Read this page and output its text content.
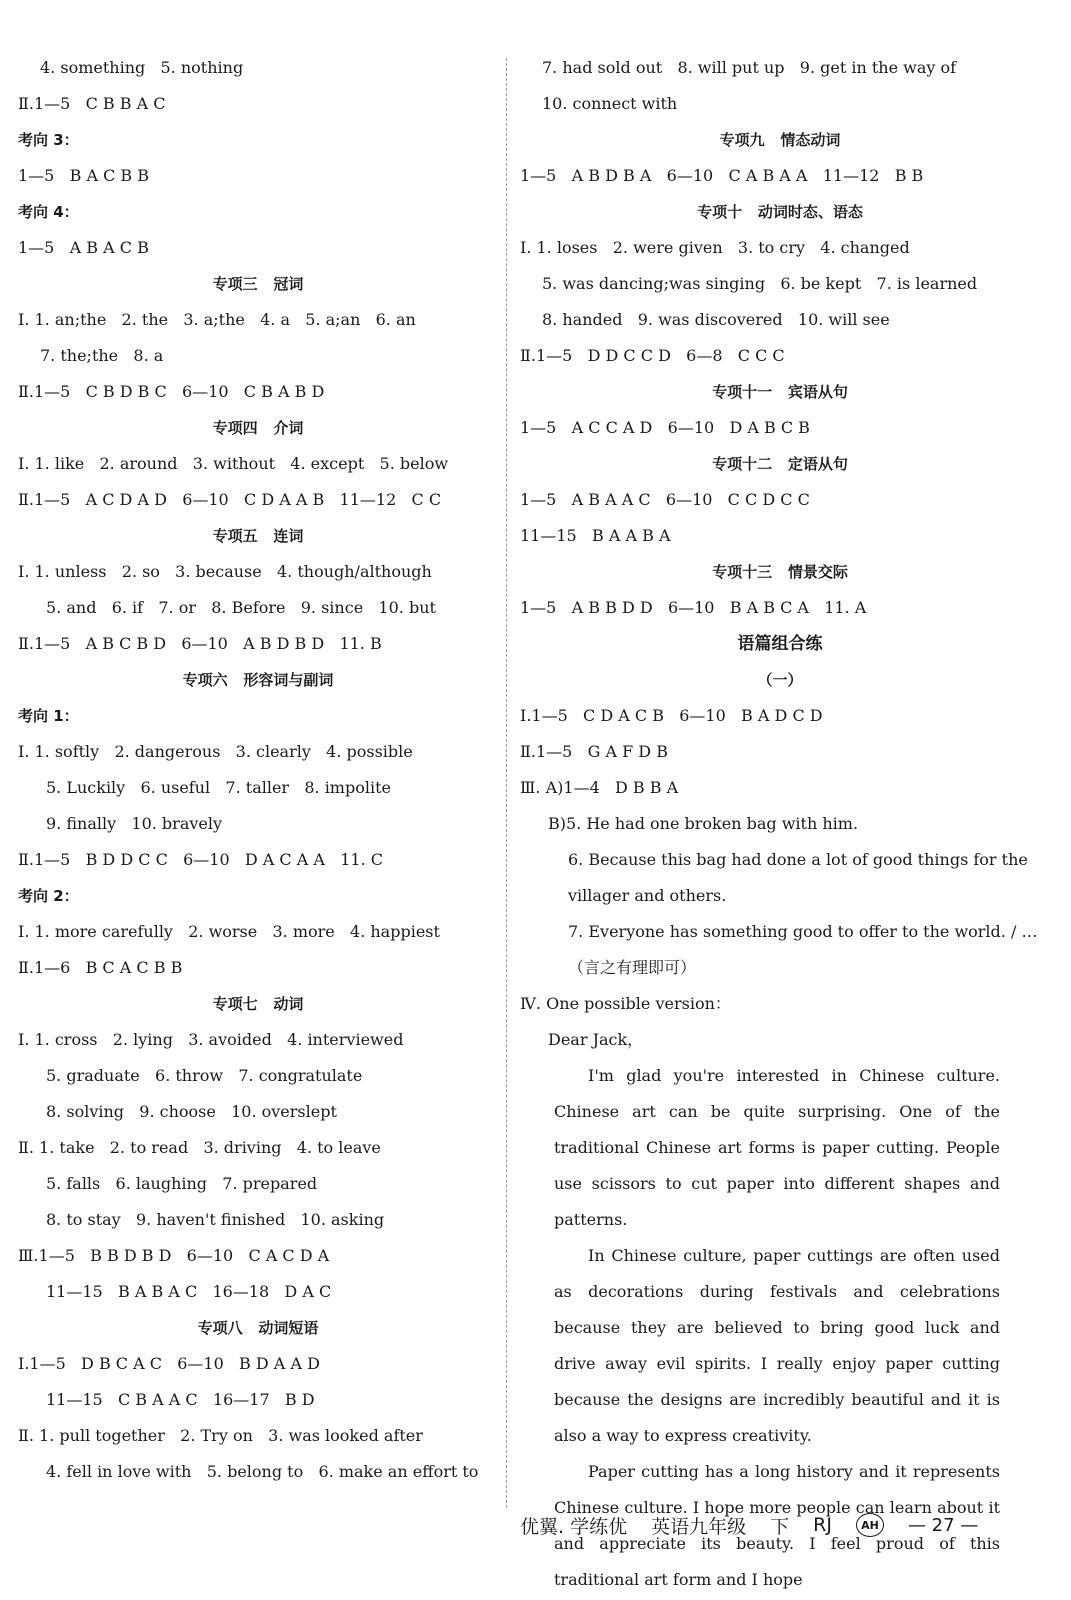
4. something   5. nothing
Ⅱ.1—5   C B B A C
考向 3：
1—5   B A C B B
考向 4：
1—5   A B A C B
专项三   冠词
Ⅰ. 1. an;the   2. the   3. a;the   4. a   5. a;an   6. an
7. the;the   8. a
Ⅱ.1—5   C B D B C   6—10   C B A B D
专项四   介词
Ⅰ. 1. like   2. around   3. without   4. except   5. below
Ⅱ.1—5   A C D A D   6—10   C D A A B   11—12   C C
专项五   连词
Ⅰ. 1. unless   2. so   3. because   4. though/although
5. and   6. if   7. or   8. Before   9. since   10. but
Ⅱ.1—5   A B C B D   6—10   A B D B D   11. B
专项六   形容词与副词
考向 1：
Ⅰ. 1. softly   2. dangerous   3. clearly   4. possible
5. Luckily   6. useful   7. taller   8. impolite
9. finally   10. bravely
Ⅱ.1—5   B D D C C   6—10   D A C A A   11. C
考向 2：
Ⅰ. 1. more carefully   2. worse   3. more   4. happiest
Ⅱ.1—6   B C A C B B
专项七   动词
Ⅰ. 1. cross   2. lying   3. avoided   4. interviewed
5. graduate   6. throw   7. congratulate
8. solving   9. choose   10. overslept
Ⅱ. 1. take   2. to read   3. driving   4. to leave
5. falls   6. laughing   7. prepared
8. to stay   9. haven't finished   10. asking
Ⅲ.1—5   B B D B D   6—10   C A C D A
11—15   B A B A C   16—18   D A C
专项八   动词短语
Ⅰ.1—5   D B C A C   6—10   B D A A D
11—15   C B A A C   16—17   B D
Ⅱ. 1. pull together   2. Try on   3. was looked after
4. fell in love with   5. belong to   6. make an effort to
7. had sold out   8. will put up   9. get in the way of
10. connect with
专项九   情态动词
1—5   A B D B A   6—10   C A B A A   11—12   B B
专项十   动词时态、语态
Ⅰ. 1. loses   2. were given   3. to cry   4. changed
5. was dancing;was singing   6. be kept   7. is learned
8. handed   9. was discovered   10. will see
Ⅱ.1—5   D D C C D   6—8   C C C
专项十一   宾语从句
1—5   A C C A D   6—10   D A B C B
专项十二   定语从句
1—5   A B A A C   6—10   C C D C C
11—15   B A A B A
专项十三   情景交际
1—5   A B B D D   6—10   B A B C A   11. A
语篇组合练
（一）
Ⅰ.1—5   C D A C B   6—10   B A D C D
Ⅱ.1—5   G A F D B
Ⅲ. A)1—4   D B B A
B)5. He had one broken bag with him.
6. Because this bag had done a lot of good things for the
villager and others.
7. Everyone has something good to offer to the world. / …
（言之有理即可）
Ⅳ. One possible version：
Dear Jack，
I'm glad you're interested in Chinese culture. Chinese art can be quite surprising. One of the traditional Chinese art forms is paper cutting. People use scissors to cut paper into different shapes and patterns.
In Chinese culture, paper cuttings are often used as decorations during festivals and celebrations because they are believed to bring good luck and drive away evil spirits. I really enjoy paper cutting because the designs are incredibly beautiful and it is also a way to express creativity.
Paper cutting has a long history and it represents Chinese culture. I hope more people can learn about it and appreciate its beauty. I feel proud of this traditional art form and I hope
优翼. 学练优 英语九年级 下 RJ	AH — 27 —
